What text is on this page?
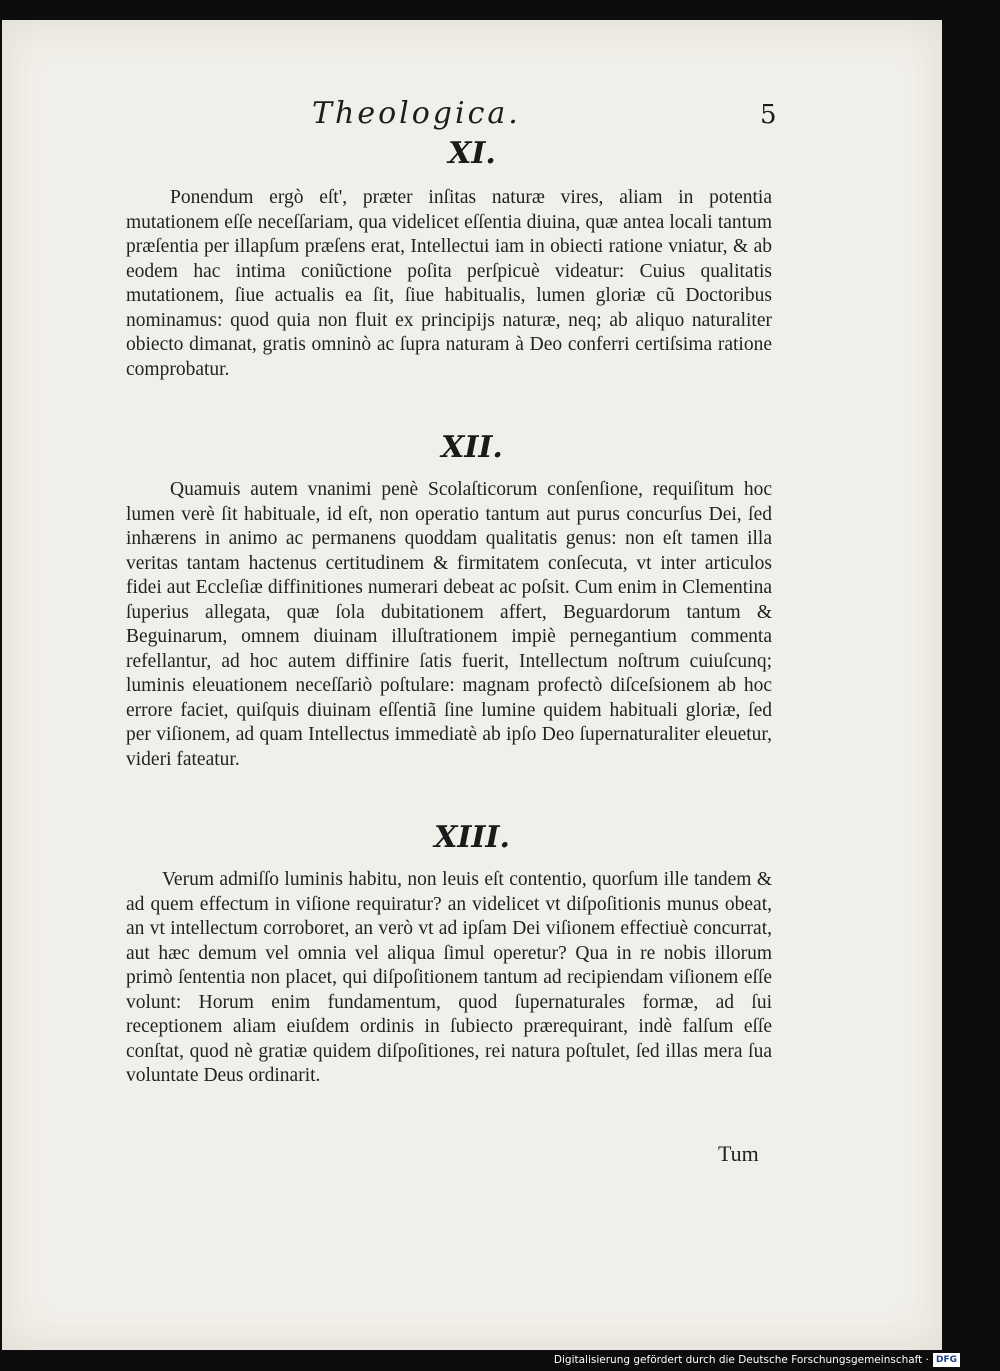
Theologica.	5
XI.

Ponendum ergò eſt', præter inſitas naturæ vires, aliam in potentia mutationem eſſe neceſſariam, qua videlicet eſſentia diuina, quæ antea locali tantum præſentia per illapſum præſens erat, Intellectui iam in obiecti ratione vniatur, & ab eodem hac intima coniũctione poſita perſpicuè videatur: Cuius qualitatis mutationem, ſiue actualis ea ſit, ſiue habitualis, lumen gloriæ cũ Doctoribus nominamus: quod quia non fluit ex principijs naturæ, neq; ab aliquo naturaliter obiecto dimanat, gratis omninò ac ſupra naturam à Deo conferri certiſsima ratione comprobatur.

XII.

Quamuis autem vnanimi penè Scolaſticorum conſenſione, requiſitum hoc lumen verè ſit habituale, id eſt, non operatio tantum aut purus concurſus Dei, ſed inhærens in animo ac permanens quoddam qualitatis genus: non eſt tamen illa veritas tantam hactenus certitudinem & firmitatem conſecuta, vt inter articulos fidei aut Eccleſiæ diffinitiones numerari debeat ac poſsit. Cum enim in Clementina ſuperius allegata, quæ ſola dubitationem affert, Beguardorum tantum & Beguinarum, omnem diuinam illuſtrationem impiè pernegantium commenta refellantur, ad hoc autem diffinire ſatis fuerit, Intellectum noſtrum cuiuſcunq; luminis eleuationem neceſſariò poſtulare: magnam profectò diſceſsionem ab hoc errore faciet, quiſquis diuinam eſſentiã ſine lumine quidem habituali gloriæ, ſed per viſionem, ad quam Intellectus immediatè ab ipſo Deo ſupernaturaliter eleuetur, videri fateatur.

XIII.

Verum admiſſo luminis habitu, non leuis eſt contentio, quorſum ille tandem & ad quem effectum in viſione requiratur? an videlicet vt diſpoſitionis munus obeat, an vt intellectum corroboret, an verò vt ad ipſam Dei viſionem effectiuè concurrat, aut hæc demum vel omnia vel aliqua ſimul operetur? Qua in re nobis illorum primò ſententia non placet, qui diſpoſitionem tantum ad recipiendam viſionem eſſe volunt: Horum enim fundamentum, quod ſupernaturales formæ, ad ſui receptionem aliam eiuſdem ordinis in ſubiecto prærequirant, indè falſum eſſe conſtat, quod nè gratiæ quidem diſpoſitiones, rei natura poſtulet, ſed illas mera ſua voluntate Deus ordinarit.

Tum
Digitalisierung gefördert durch die Deutsche Forschungsgemeinschaft · DFG
